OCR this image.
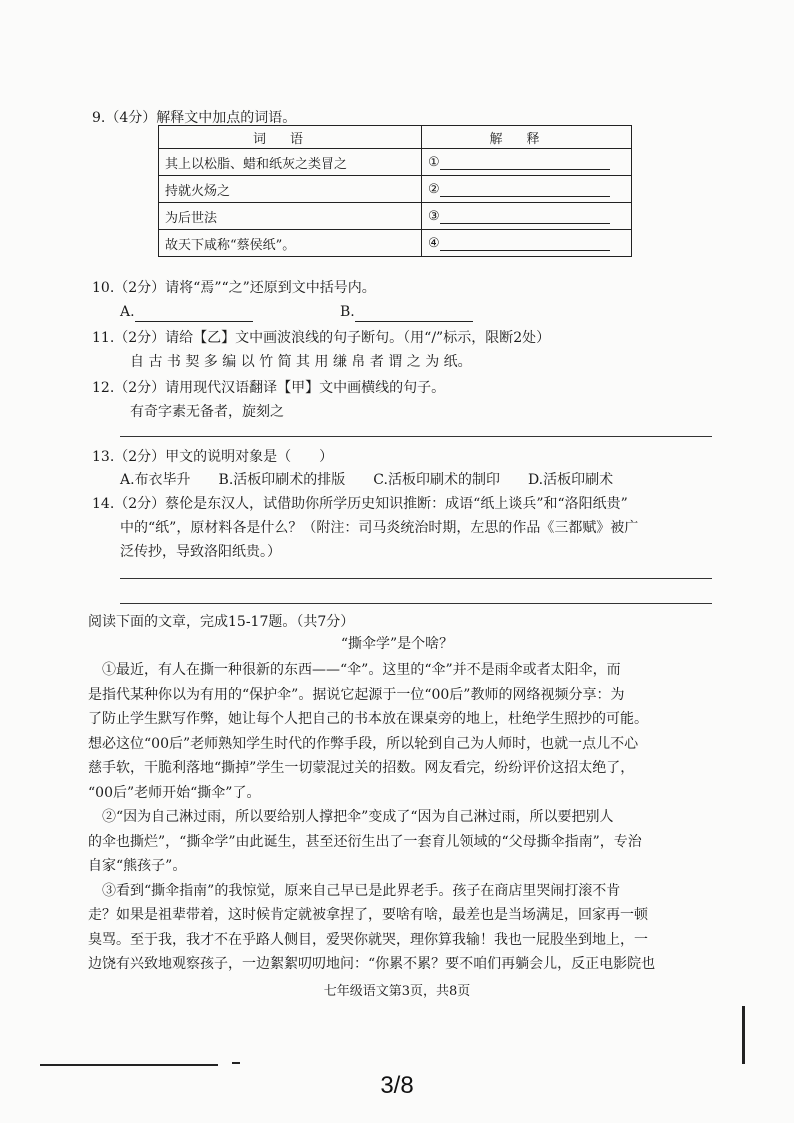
9.（4分）解释文中加点的词语。
词语	解释
其上以松脂、蜡和纸灰之类冒之	①
持就火炀之	②
为后世法	③
故天下咸称“蔡侯纸”。	④
10.（2分）请将“焉”“之”还原到文中括号内。
A.	B.
11.（2分）请给【乙】文中画波浪线的句子断句。（用“/”标示，限断2处）
自 古 书 契 多 编 以 竹 简 其 用 缣 帛 者 谓 之 为 纸。
12.（2分）请用现代汉语翻译【甲】文中画横线的句子。
有奇字素无备者，旋刻之
13.（2分）甲文的说明对象是（　　）
A.布衣毕升　　B.活板印刷术的排版　　C.活板印刷术的制印　　D.活板印刷术
14.（2分）蔡伦是东汉人，试借助你所学历史知识推断：成语“纸上谈兵”和“洛阳纸贵”
中的“纸”，原材料各是什么？（附注：司马炎统治时期，左思的作品《三都赋》被广
泛传抄，导致洛阳纸贵。）
阅读下面的文章，完成15-17题。（共7分）
“撕伞学”是个啥？
①最近，有人在撕一种很新的东西——“伞”。这里的“伞”并不是雨伞或者太阳伞，而
是指代某种你以为有用的“保护伞”。据说它起源于一位“00后”教师的网络视频分享：为
了防止学生默写作弊，她让每个人把自己的书本放在课桌旁的地上，杜绝学生照抄的可能。
想必这位“00后”老师熟知学生时代的作弊手段，所以轮到自己为人师时，也就一点儿不心
慈手软，干脆利落地“撕掉”学生一切蒙混过关的招数。网友看完，纷纷评价这招太绝了，
“00后”老师开始“撕伞”了。
②“因为自己淋过雨，所以要给别人撑把伞”变成了“因为自己淋过雨，所以要把别人
的伞也撕烂”，“撕伞学”由此诞生，甚至还衍生出了一套育儿领域的“父母撕伞指南”，专治
自家“熊孩子”。
③看到“撕伞指南”的我惊觉，原来自己早已是此界老手。孩子在商店里哭闹打滚不肯
走？如果是祖辈带着，这时候肯定就被拿捏了，要啥有啥，最差也是当场满足，回家再一顿
臭骂。至于我，我才不在乎路人侧目，爱哭你就哭，理你算我输！我也一屁股坐到地上，一
边饶有兴致地观察孩子，一边絮絮叨叨地问：“你累不累？要不咱们再躺会儿，反正电影院也
七年级语文第3页，共8页
3/8
